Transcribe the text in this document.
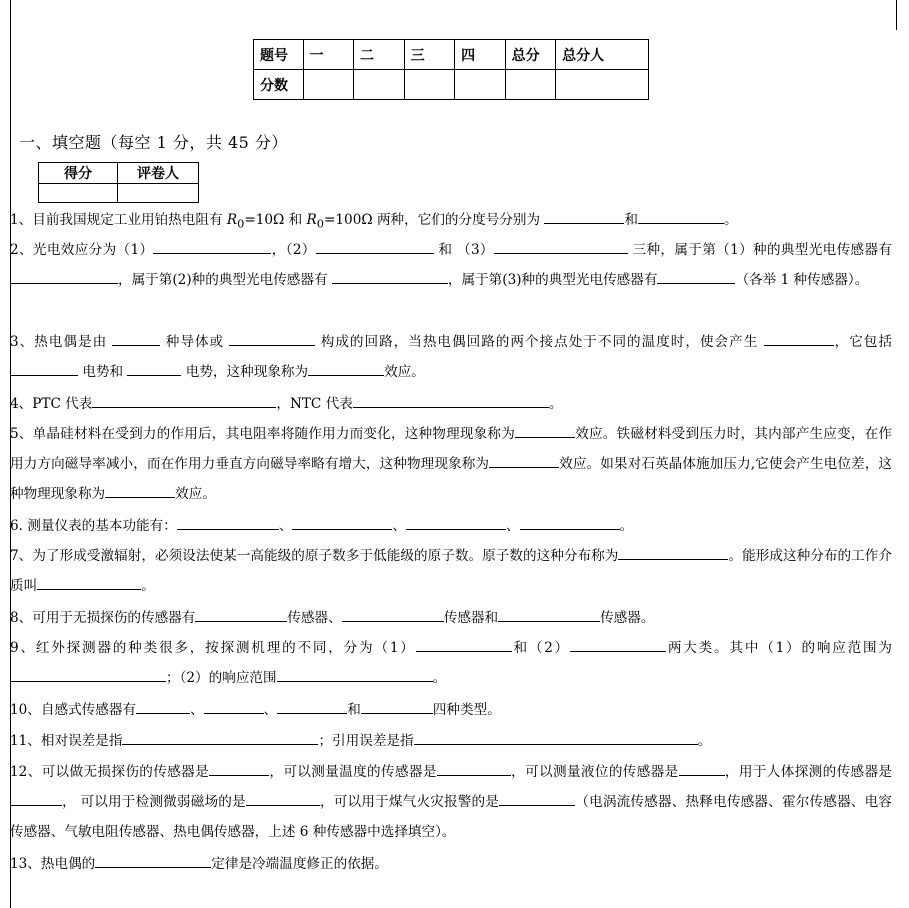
题号	一	二	三	四	总分	总分人
分数						
一、填空题（每空 1 分，共 45 分）
得分	评卷人

1、目前我国规定工业用铂热电阻有 $R_0=10\Omega$ 和 $R_0=100\Omega$ 两种，它们的分度号分别为	和	。
2、光电效应分为（1）	，（2）	和 （3）	三种，属于第（1）种的典型光电传感器有，属于第(2)种的典型光电传感器有	，属于第(3)种的典型光电传感器有	（各举 1 种传感器）。
3、热电偶是由	种导体或	构成的回路，当热电偶回路的两个接点处于不同的温度时，使会产生	，它包括  电势和	电势，这种现象称为	效应。
4、PTC 代表	，NTC 代表	。
5、单晶硅材料在受到力的作用后，其电阻率将随作用力而变化，这种物理现象称为	效应。铁磁材料受到压力时，其内部产生应变，在作用力方向磁导率减小，而在作用力垂直方向磁导率略有增大，这种物理现象称为	效应。如果对石英晶体施加压力,它使会产生电位差，这种物理现象称为	效应。
6. 测量仪表的基本功能有：	、	、	、	。
7、为了形成受激辐射，必须设法使某一高能级的原子数多于低能级的原子数。原子数的这种分布称为	。能形成这种分布的工作介质叫	。
8、可用于无损探伤的传感器有	传感器、	传感器和	传感器。
9、红外探测器的种类很多，按探测机理的不同，分为（1）	和（2）	两大类。其中（1）的响应范围为；（2）的响应范围	。
10、自感式传感器有	、	、	和	四种类型。
11、相对误差是指	；引用误差是指	。
12、可以做无损探伤的传感器是	，可以测量温度的传感器是	，可以测量液位的传感器是	，用于人体探测的传感器是， 可以用于检测微弱磁场的是	，可以用于煤气火灾报警的是	（电涡流传感器、热释电传感器、霍尔传感器、电容传感器、气敏电阻传感器、热电偶传感器，上述 6 种传感器中选择填空）。
13、热电偶的	定律是冷端温度修正的依据。
